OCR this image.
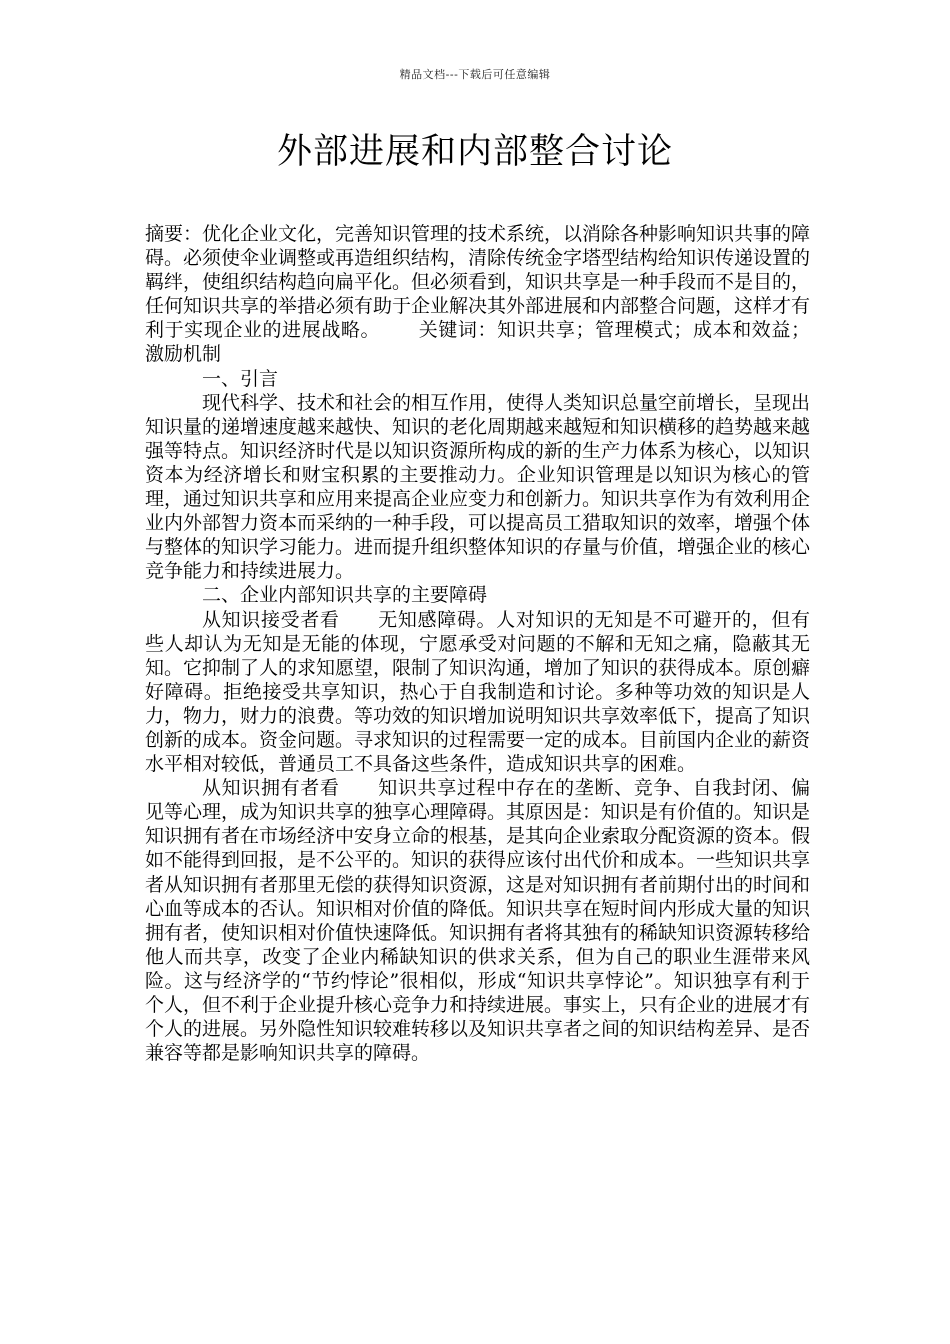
精品文档---下载后可任意编辑
外部进展和内部整合讨论

摘要：优化企业文化，完善知识管理的技术系统，以消除各种影响知识共事的障碍。必须使伞业调整或再造组织结构，清除传统金字塔型结构给知识传递设置的羁绊，使组织结构趋向扁平化。但必须看到，知识共享是一种手段而不是目的，任何知识共享的举措必须有助于企业解决其外部进展和内部整合问题，这样才有利于实现企业的进展战略。 关键词：知识共享；管理模式；成本和效益；激励机制

一、引言

现代科学、技术和社会的相互作用，使得人类知识总量空前增长，呈现出知识量的递增速度越来越快、知识的老化周期越来越短和知识横移的趋势越来越强等特点。知识经济时代是以知识资源所构成的新的生产力体系为核心，以知识资本为经济增长和财宝积累的主要推动力。企业知识管理是以知识为核心的管理，通过知识共享和应用来提高企业应变力和创新力。知识共享作为有效利用企业内外部智力资本而采纳的一种手段，可以提高员工猎取知识的效率，增强个体与整体的知识学习能力。进而提升组织整体知识的存量与价值，增强企业的核心竞争能力和持续进展力。

二、企业内部知识共享的主要障碍

从知识接受者看 无知感障碍。人对知识的无知是不可避开的，但有些人却认为无知是无能的体现，宁愿承受对问题的不解和无知之痛，隐蔽其无知。它抑制了人的求知愿望，限制了知识沟通，增加了知识的获得成本。原创癖好障碍。拒绝接受共享知识，热心于自我制造和讨论。多种等功效的知识是人力，物力，财力的浪费。等功效的知识增加说明知识共享效率低下，提高了知识创新的成本。资金问题。寻求知识的过程需要一定的成本。目前国内企业的薪资水平相对较低，普通员工不具备这些条件，造成知识共享的困难。

从知识拥有者看 知识共享过程中存在的垄断、竞争、自我封闭、偏见等心理，成为知识共享的独享心理障碍。其原因是：知识是有价值的。知识是知识拥有者在市场经济中安身立命的根基，是其向企业索取分配资源的资本。假如不能得到回报，是不公平的。知识的获得应该付出代价和成本。一些知识共享者从知识拥有者那里无偿的获得知识资源，这是对知识拥有者前期付出的时间和心血等成本的否认。知识相对价值的降低。知识共享在短时间内形成大量的知识拥有者，使知识相对价值快速降低。知识拥有者将其独有的稀缺知识资源转移给他人而共享，改变了企业内稀缺知识的供求关系，但为自己的职业生涯带来风险。这与经济学的“节约悖论”很相似，形成“知识共享悖论”。知识独享有利于个人，但不利于企业提升核心竞争力和持续进展。事实上，只有企业的进展才有个人的进展。另外隐性知识较难转移以及知识共享者之间的知识结构差异、是否兼容等都是影响知识共享的障碍。
